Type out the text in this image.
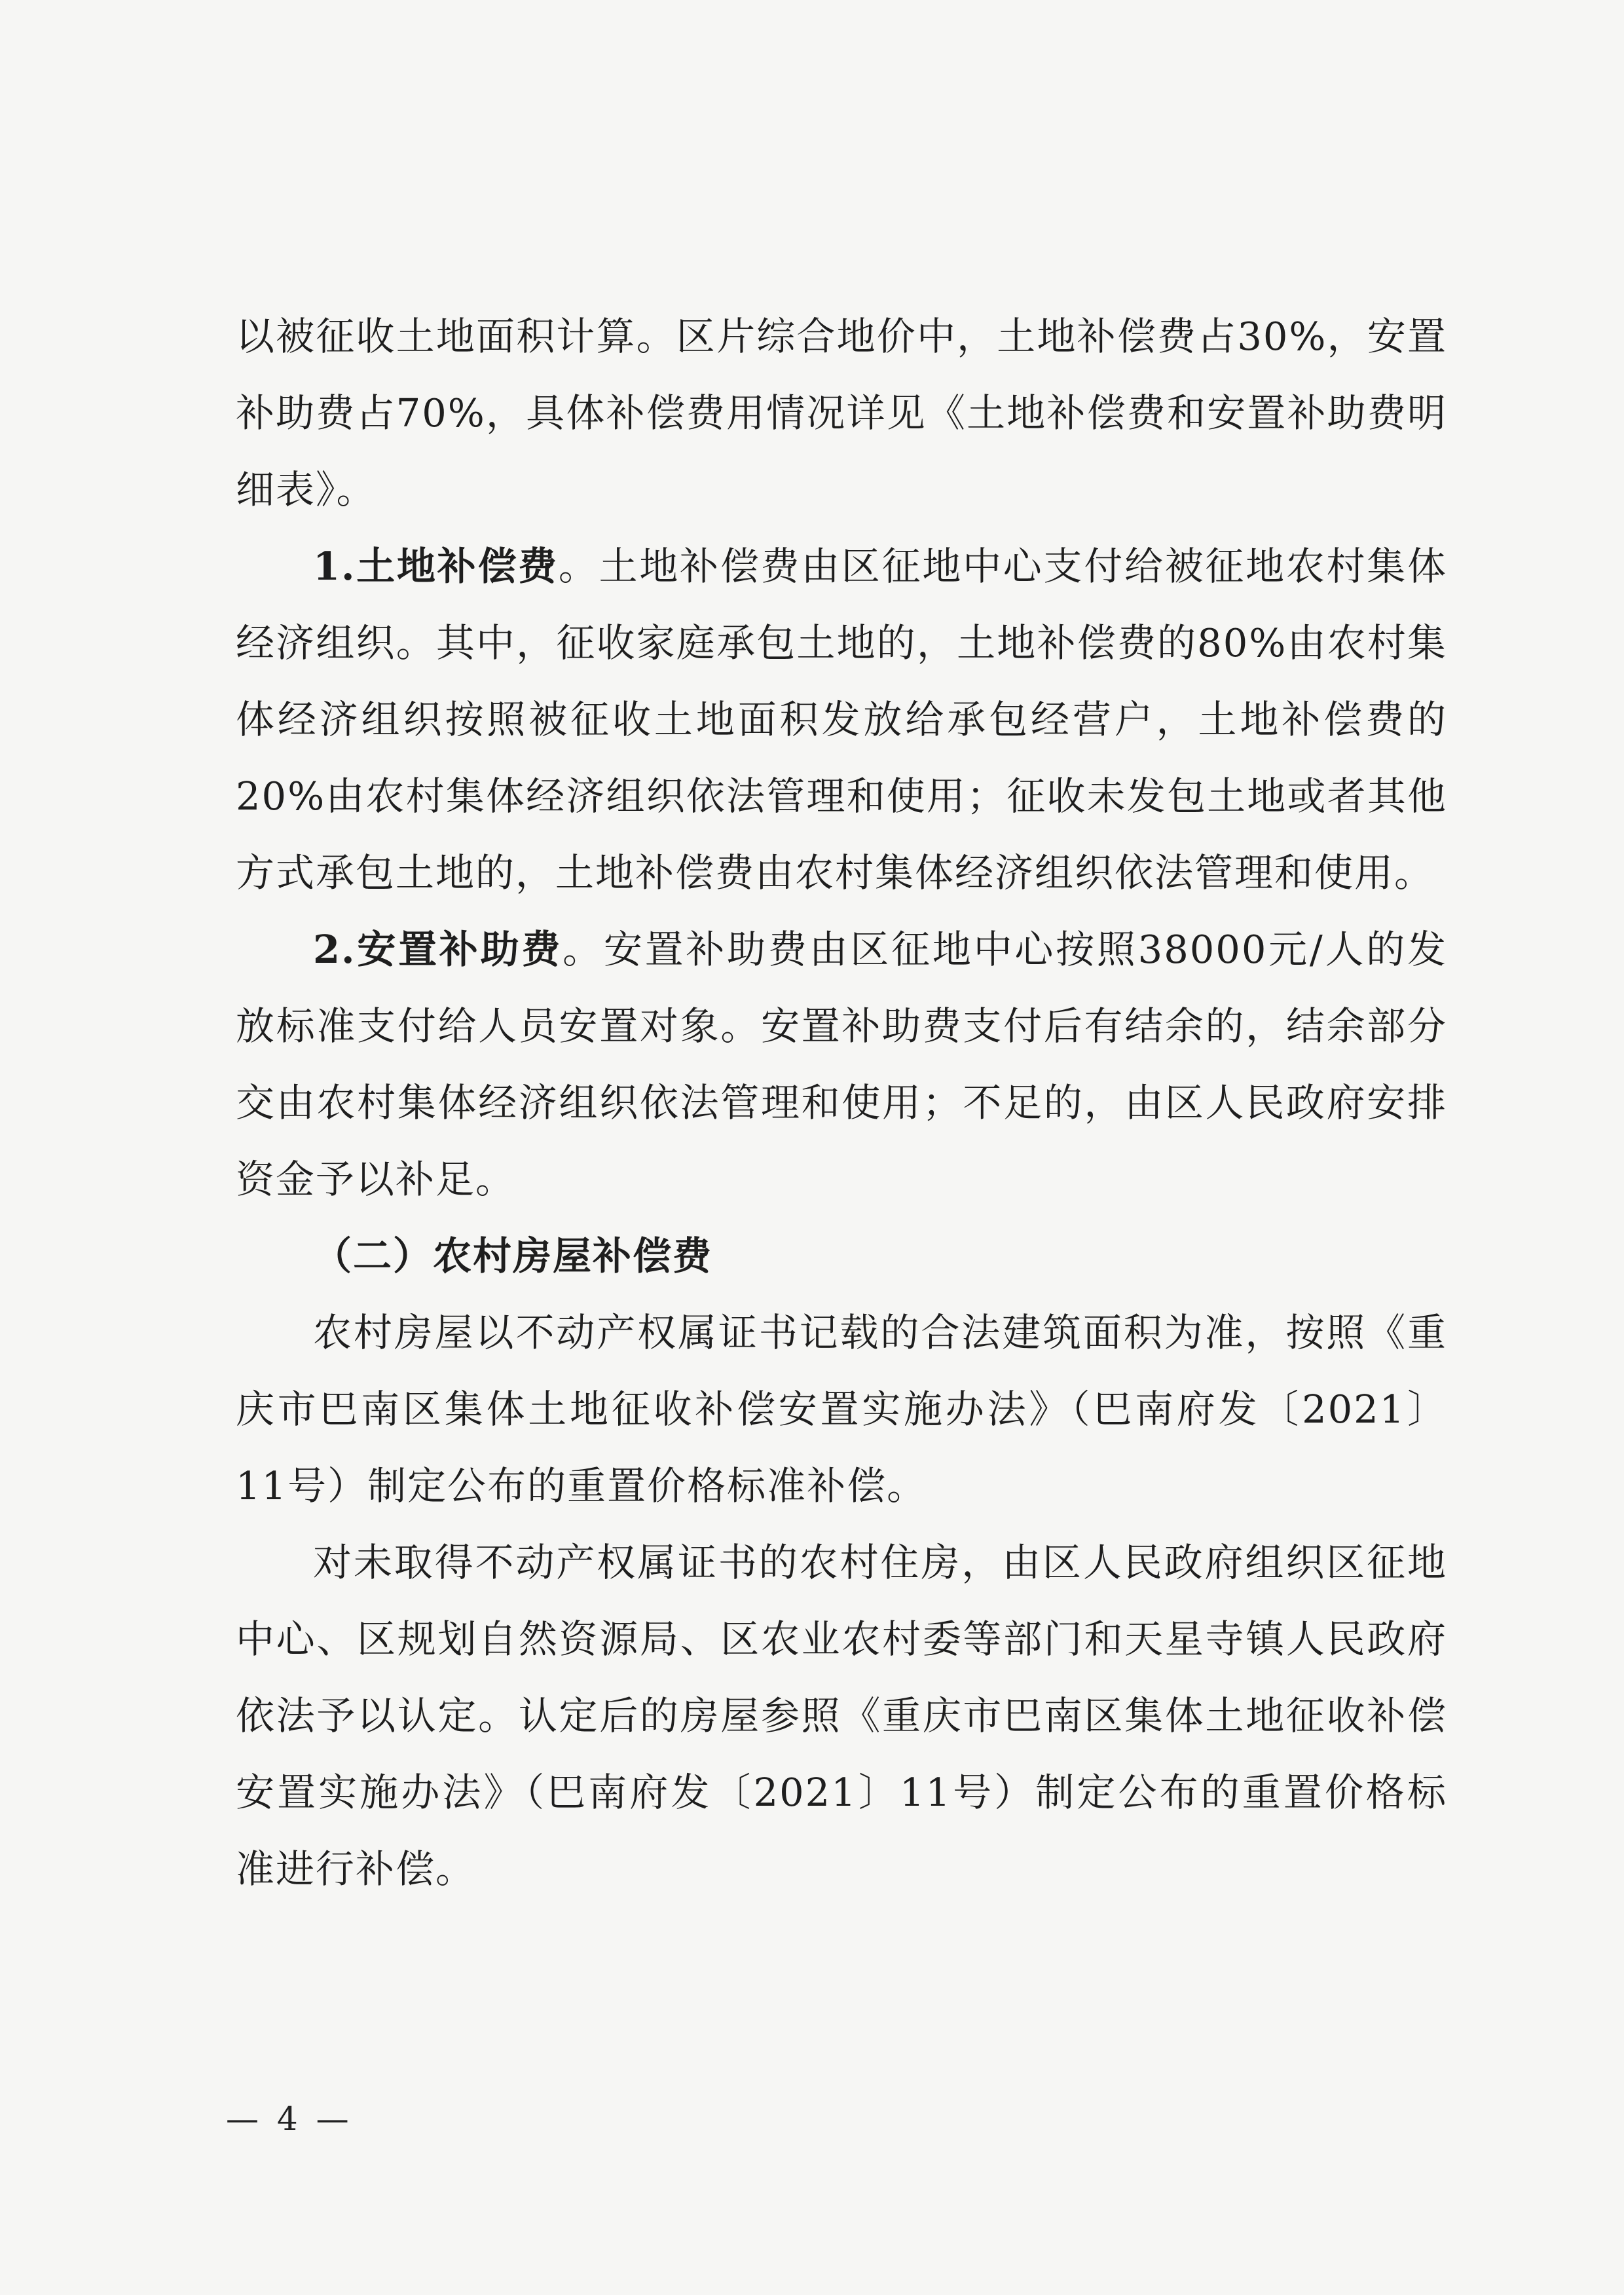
以被征收土地面积计算。区片综合地价中，土地补偿费占30%，安置补助费占70%，具体补偿费用情况详见《土地补偿费和安置补助费明细表》。

1.土地补偿费。土地补偿费由区征地中心支付给被征地农村集体经济组织。其中，征收家庭承包土地的，土地补偿费的80%由农村集体经济组织按照被征收土地面积发放给承包经营户，土地补偿费的20%由农村集体经济组织依法管理和使用；征收未发包土地或者其他方式承包土地的，土地补偿费由农村集体经济组织依法管理和使用。

2.安置补助费。安置补助费由区征地中心按照38000元/人的发放标准支付给人员安置对象。安置补助费支付后有结余的，结余部分交由农村集体经济组织依法管理和使用；不足的，由区人民政府安排资金予以补足。

（二）农村房屋补偿费

农村房屋以不动产权属证书记载的合法建筑面积为准，按照《重庆市巴南区集体土地征收补偿安置实施办法》（巴南府发〔2021〕11号）制定公布的重置价格标准补偿。

对未取得不动产权属证书的农村住房，由区人民政府组织区征地中心、区规划自然资源局、区农业农村委等部门和天星寺镇人民政府依法予以认定。认定后的房屋参照《重庆市巴南区集体土地征收补偿安置实施办法》（巴南府发〔2021〕11号）制定公布的重置价格标准进行补偿。

— 4 —
